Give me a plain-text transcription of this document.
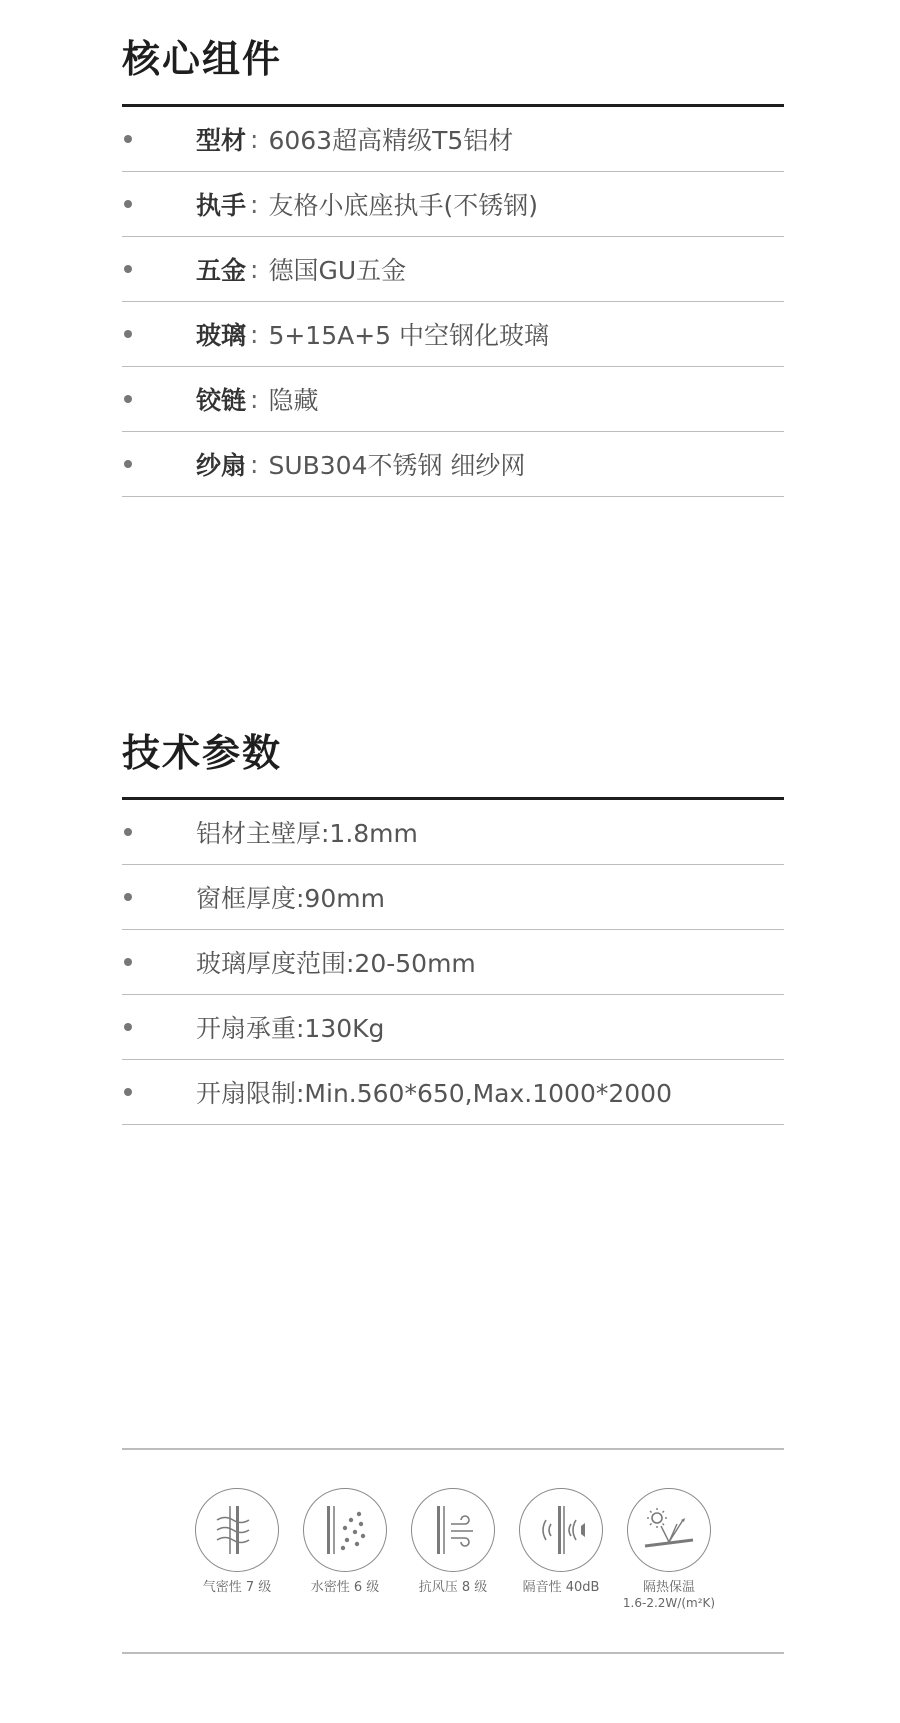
核心组件
型材 : 6063超高精级T5铝材
执手 : 友格小底座执手(不锈钢)
五金 : 德国GU五金
玻璃 : 5+15A+5 中空钢化玻璃
铰链 : 隐藏
纱扇 : SUB304不锈钢 细纱网
技术参数
铝材主壁厚:1.8mm
窗框厚度:90mm
玻璃厚度范围:20-50mm
开扇承重:130Kg
开扇限制:Min.560*650,Max.1000*2000
气密性 7 级	水密性 6 级	抗风压 8 级	隔音性 40dB	隔热保温
1.6-2.2W/(m²K)
